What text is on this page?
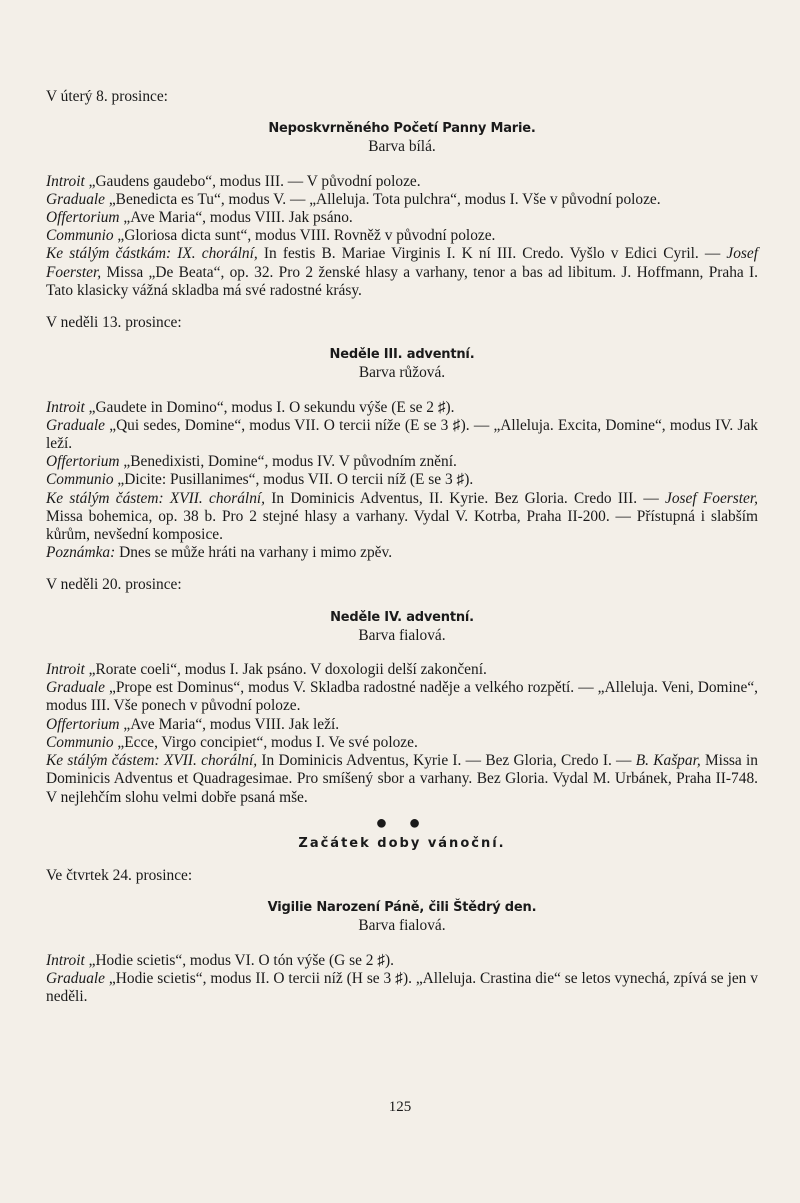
V úterý 8. prosince:

Neposkvrněného Početí Panny Marie.

Barva bílá.

Introit „Gaudens gaudebo“, modus III. — V původní poloze.

Graduale „Benedicta es Tu“, modus V. — „Alleluja. Tota pulchra“, modus I. Vše v původní poloze.

Offertorium „Ave Maria“, modus VIII. Jak psáno.

Communio „Gloriosa dicta sunt“, modus VIII. Rovněž v původní poloze.

Ke stálým částkám: IX. chorální, In festis B. Mariae Virginis I. K ní III. Credo. Vyšlo v Edici Cyril. — Josef Foerster, Missa „De Beata“, op. 32. Pro 2 ženské hlasy a varhany, tenor a bas ad libitum. J. Hoffmann, Praha I. Tato klasicky vážná skladba má své radostné krásy.

V neděli 13. prosince:

Neděle III. adventní.

Barva růžová.

Introit „Gaudete in Domino“, modus I. O sekundu výše (E se 2 ♯).

Graduale „Qui sedes, Domine“, modus VII. O tercii níže (E se 3 ♯). — „Alleluja. Excita, Domine“, modus IV. Jak leží.

Offertorium „Benedixisti, Domine“, modus IV. V původním znění.

Communio „Dicite: Pusillanimes“, modus VII. O tercii níž (E se 3 ♯).

Ke stálým částem: XVII. chorální, In Dominicis Adventus, II. Kyrie. Bez Gloria. Credo III. — Josef Foerster, Missa bohemica, op. 38 b. Pro 2 stejné hlasy a varhany. Vydal V. Kotrba, Praha II-200. — Přístupná i slabším kůrům, nevšední komposice.

Poznámka: Dnes se může hráti na varhany i mimo zpěv.

V neděli 20. prosince:

Neděle IV. adventní.

Barva fialová.

Introit „Rorate coeli“, modus I. Jak psáno. V doxologii delší zakončení.

Graduale „Prope est Dominus“, modus V. Skladba radostné naděje a velkého rozpětí. — „Alleluja. Veni, Domine“, modus III. Vše ponech v původní poloze.

Offertorium „Ave Maria“, modus VIII. Jak leží.

Communio „Ecce, Virgo concipiet“, modus I. Ve své poloze.

Ke stálým částem: XVII. chorální, In Dominicis Adventus, Kyrie I. — Bez Gloria, Credo I. — B. Kašpar, Missa in Dominicis Adventus et Quadragesimae. Pro smíšený sbor a varhany. Bez Gloria. Vydal M. Urbánek, Praha II-748. V nejlehčím slohu velmi dobře psaná mše.

● ●

Začátek doby vánoční.

Ve čtvrtek 24. prosince:

Vigilie Narození Páně, čili Štědrý den.

Barva fialová.

Introit „Hodie scietis“, modus VI. O tón výše (G se 2 ♯).

Graduale „Hodie scietis“, modus II. O tercii níž (H se 3 ♯). „Alleluja. Crastina die“ se letos vynechá, zpívá se jen v neděli.

125
